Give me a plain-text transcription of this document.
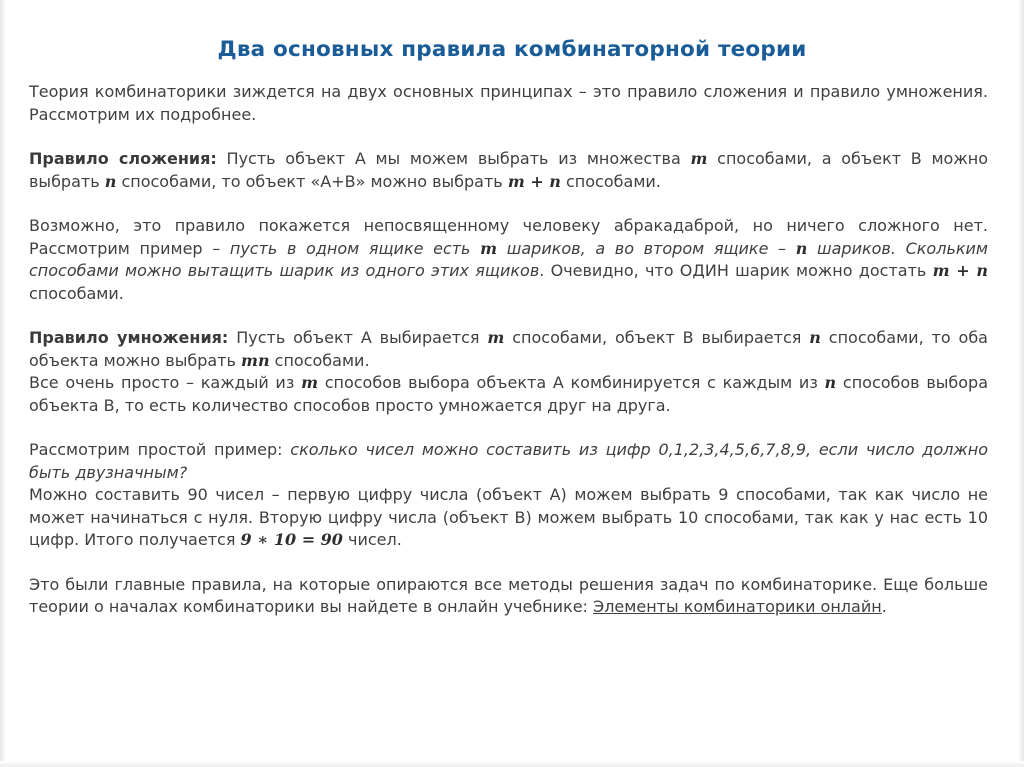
Два основных правила комбинаторной теории

Теория комбинаторики зиждется на двух основных принципах – это правило сложения и правило умножения. Рассмотрим их подробнее.

Правило сложения: Пусть объект А мы можем выбрать из множества m способами, а объект В можно выбрать n способами, то объект «А+В» можно выбрать m + n способами.

Возможно, это правило покажется непосвященному человеку абракадаброй, но ничего сложного нет. Рассмотрим пример – пусть в одном ящике есть m шариков, а во втором ящике – n шариков. Скольким способами можно вытащить шарик из одного этих ящиков. Очевидно, что ОДИН шарик можно достать m + n способами.

Правило умножения: Пусть объект А выбирается m способами, объект В выбирается n способами, то оба объекта можно выбрать mn способами.

Все очень просто – каждый из m способов выбора объекта А комбинируется с каждым из n способов выбора объекта В, то есть количество способов просто умножается друг на друга.

Рассмотрим простой пример: сколько чисел можно составить из цифр 0,1,2,3,4,5,6,7,8,9, если число должно быть двузначным?

Можно составить 90 чисел – первую цифру числа (объект А) можем выбрать 9 способами, так как число не может начинаться с нуля. Вторую цифру числа (объект В) можем выбрать 10 способами, так как у нас есть 10 цифр. Итого получается 9 ∗ 10 = 90 чисел.

Это были главные правила, на которые опираются все методы решения задач по комбинаторике. Еще больше теории о началах комбинаторики вы найдете в онлайн учебнике: Элементы комбинаторики онлайн.
